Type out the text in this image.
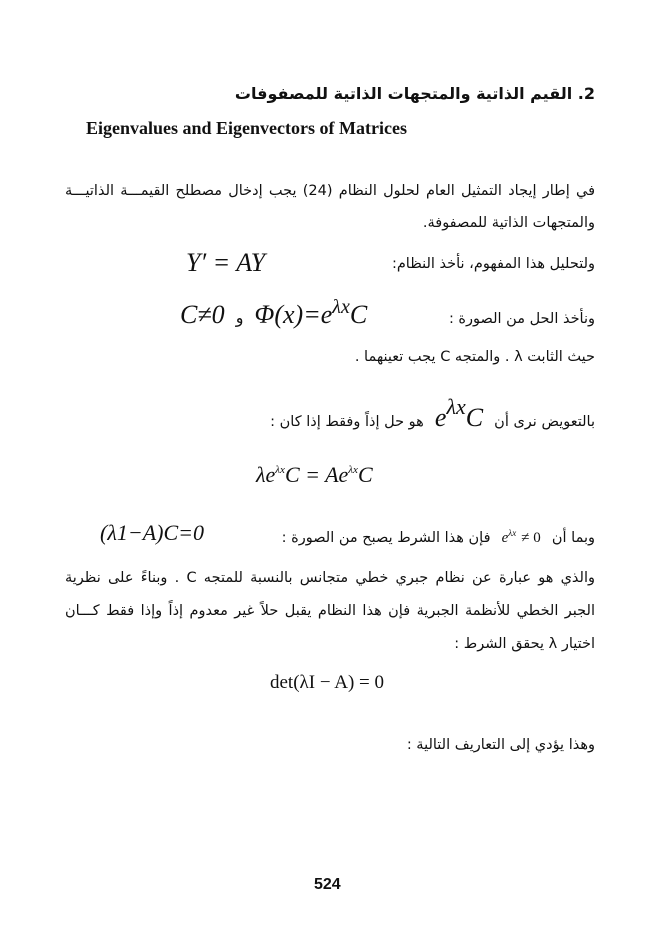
2. القيم الذاتية والمتجهات الذاتية للمصفوفات
Eigenvalues and Eigenvectors of Matrices
في إطار إيجاد التمثيل العام لحلول النظام (24) يجب إدخال مصطلح القيمـــة الذاتيـــة
والمتجهات الذاتية للمصفوفة.
ولتحليل هذا المفهوم، نأخذ النظام:
Y′ = AY
ونأخذ الحل من الصورة :
C≠0 و $\Phi(x)=e^{\lambda x}C$
حيث الثابت λ . والمتجه C يجب تعينهما .
بالتعويض نرى أن $e^{\lambda x}C$ هو حل إذاً وفقط إذا كان :
$\lambda e^{\lambda x}C = Ae^{\lambda x}C$
وبما أن $e^{\lambda x} \ne 0$ فإن هذا الشرط يصبح من الصورة :
(λ1−A)C=0
والذي هو عبارة عن نظام جبري خطي متجانس بالنسبة للمتجه C . وبناءً على نظرية
الجبر الخطي للأنظمة الجبرية فإن هذا النظام يقبل حلاً غير معدوم إذاً وإذا فقط كـــان
اختيار λ يحقق الشرط :
det(λI − A) = 0
وهذا يؤدي إلى التعاريف التالية :
524
